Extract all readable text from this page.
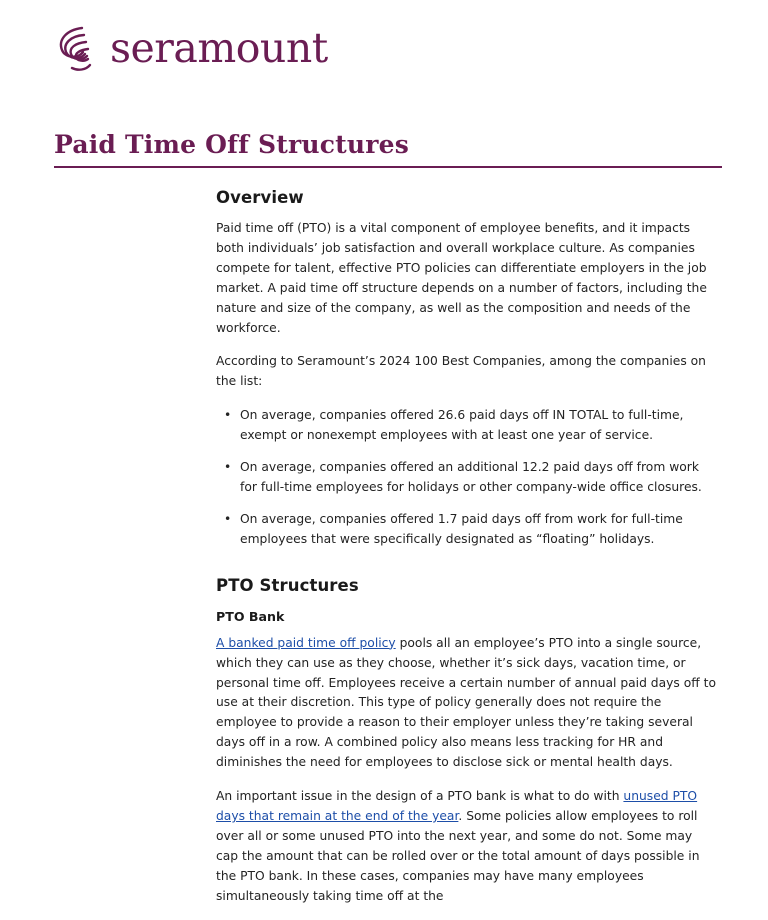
seramount
Paid Time Off Structures
Overview

Paid time off (PTO) is a vital component of employee benefits, and it impacts both individuals’ job satisfaction and overall workplace culture. As companies compete for talent, effective PTO policies can differentiate employers in the job market. A paid time off structure depends on a number of factors, including the nature and size of the company, as well as the composition and needs of the workforce.

According to Seramount’s 2024 100 Best Companies, among the companies on the list:

• On average, companies offered 26.6 paid days off IN TOTAL to full-time, exempt or nonexempt employees with at least one year of service.
• On average, companies offered an additional 12.2 paid days off from work for full-time employees for holidays or other company-wide office closures.
• On average, companies offered 1.7 paid days off from work for full-time employees that were specifically designated as “floating” holidays.
PTO Structures
PTO Bank

A banked paid time off policy pools all an employee’s PTO into a single source, which they can use as they choose, whether it’s sick days, vacation time, or personal time off. Employees receive a certain number of annual paid days off to use at their discretion. This type of policy generally does not require the employee to provide a reason to their employer unless they’re taking several days off in a row. A combined policy also means less tracking for HR and diminishes the need for employees to disclose sick or mental health days.

An important issue in the design of a PTO bank is what to do with unused PTO days that remain at the end of the year. Some policies allow employees to roll over all or some unused PTO into the next year, and some do not. Some may cap the amount that can be rolled over or the total amount of days possible in the PTO bank. In these cases, companies may have many employees simultaneously taking time off at the
